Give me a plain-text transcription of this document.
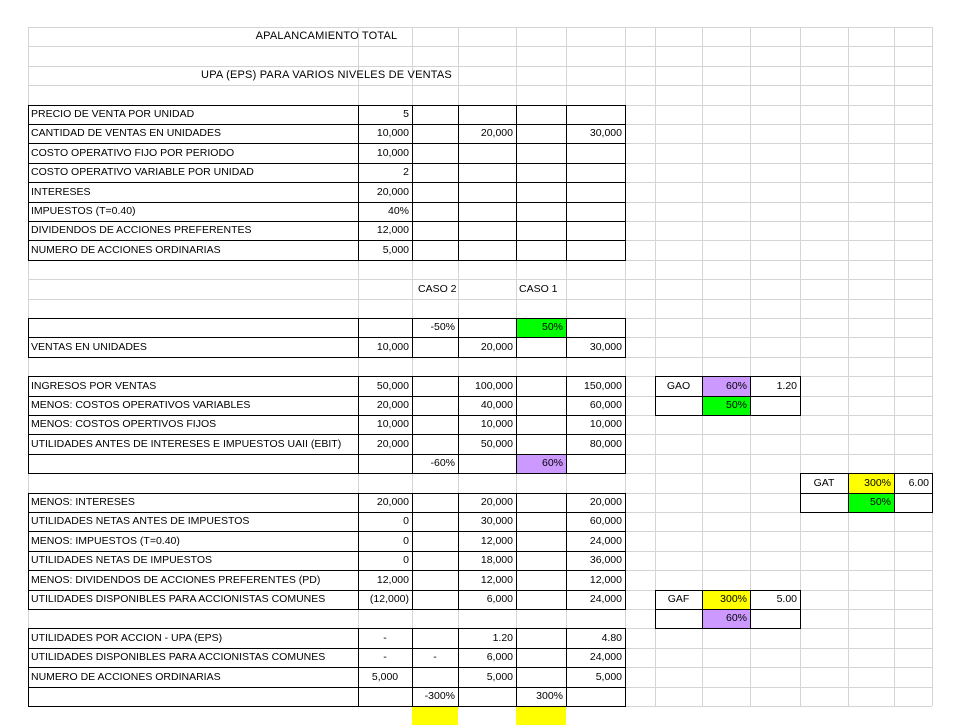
APALANCAMIENTO TOTAL
UPA (EPS) PARA VARIOS NIVELES DE VENTAS
PRECIO DE VENTA POR UNIDAD	5
CANTIDAD DE VENTAS EN UNIDADES	10,000	20,000	30,000
COSTO OPERATIVO FIJO POR PERIODO	10,000
COSTO OPERATIVO VARIABLE POR UNIDAD	2
INTERESES	20,000
IMPUESTOS (T=0.40)	40%
DIVIDENDOS DE ACCIONES PREFERENTES	12,000
NUMERO DE ACCIONES ORDINARIAS	5,000
CASO 2	CASO 1
-50%	50%
VENTAS EN UNIDADES	10,000	20,000	30,000
INGRESOS POR VENTAS	50,000	100,000	150,000
MENOS: COSTOS OPERATIVOS VARIABLES	20,000	40,000	60,000
MENOS: COSTOS OPERTIVOS FIJOS	10,000	10,000	10,000
UTILIDADES ANTES DE INTERESES E IMPUESTOS UAII (EBIT)	20,000	50,000	80,000
-60%	60%
MENOS: INTERESES	20,000	20,000	20,000
UTILIDADES NETAS ANTES DE IMPUESTOS	0	30,000	60,000
MENOS: IMPUESTOS (T=0.40)	0	12,000	24,000
UTILIDADES NETAS DE IMPUESTOS	0	18,000	36,000
MENOS: DIVIDENDOS DE ACCIONES PREFERENTES (PD)	12,000	12,000	12,000
UTILIDADES DISPONIBLES PARA ACCIONISTAS COMUNES	(12,000)	6,000	24,000
UTILIDADES POR ACCION - UPA (EPS)	-	1.20	4.80
UTILIDADES DISPONIBLES PARA ACCIONISTAS COMUNES	-	-	6,000	24,000
NUMERO DE ACCIONES ORDINARIAS	5,000	5,000	5,000
-300%	300%
GAO	60%	1.20
50%
GAT	300%	6.00
50%
GAF	300%	5.00
60%
